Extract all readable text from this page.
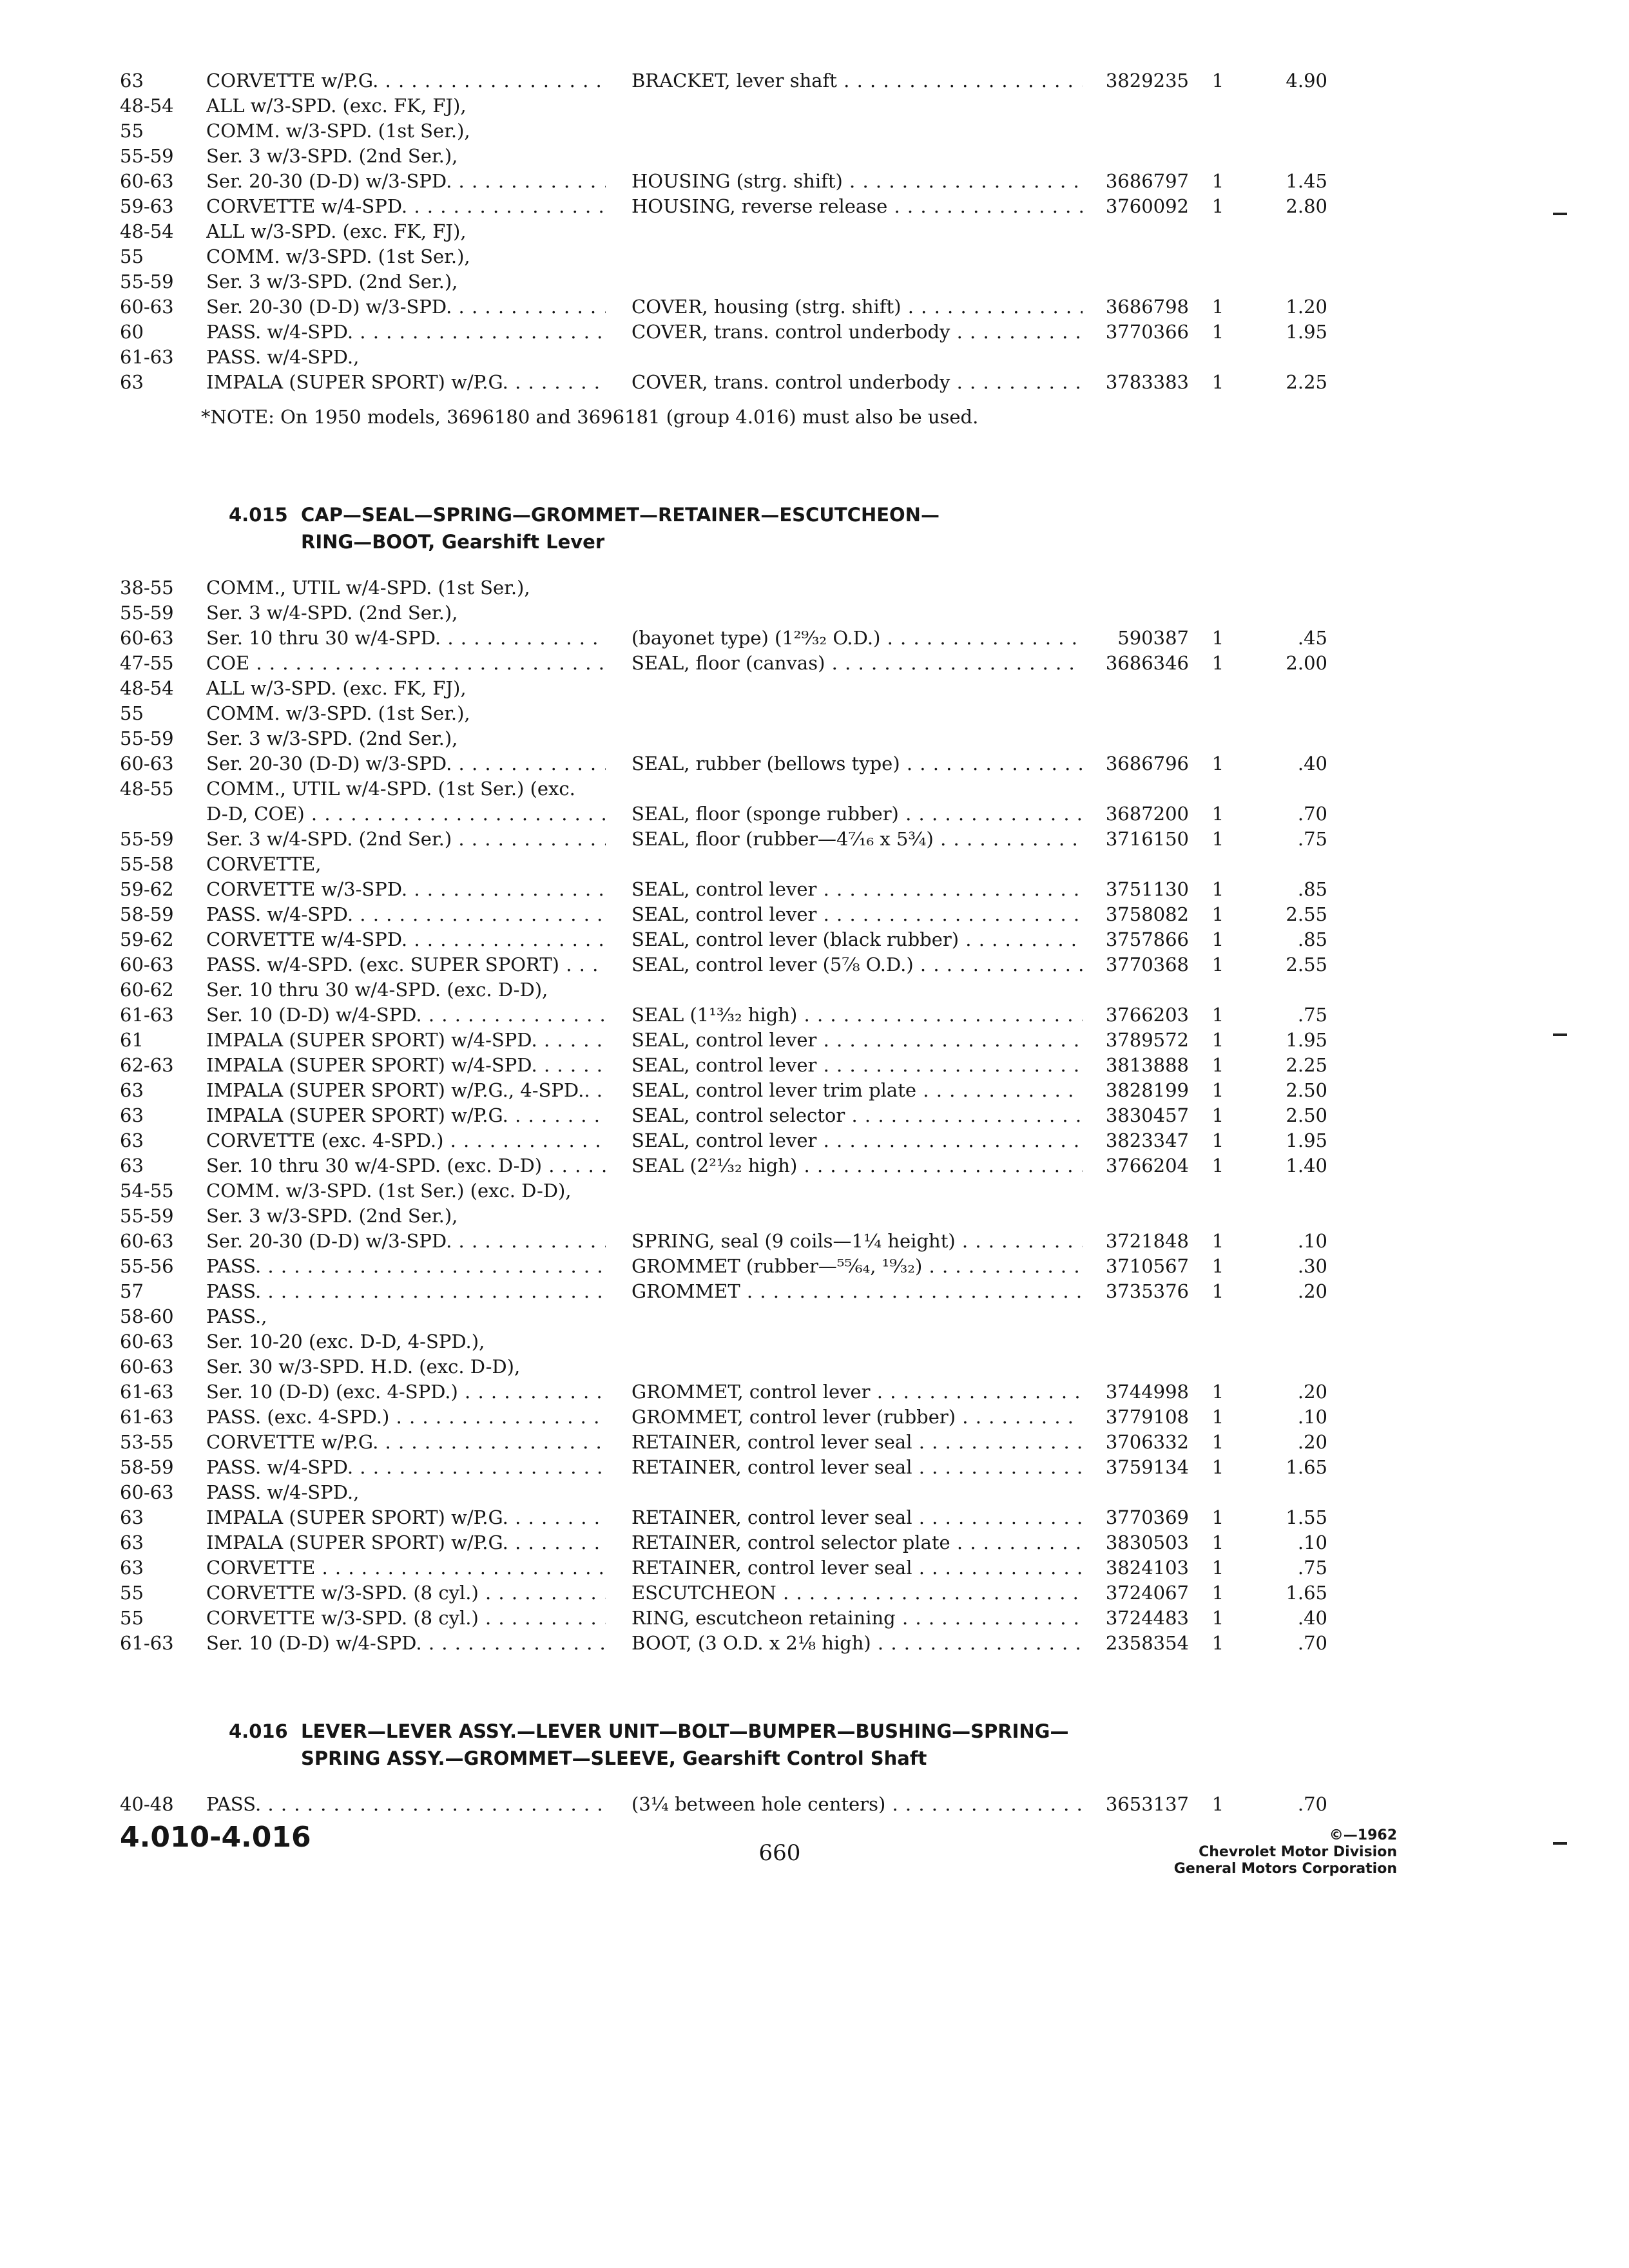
63	CORVETTE w/P.G. . . .	BRACKET, lever shaft . . .	3829235	1	4.90
48-54	ALL w/3-SPD. (exc. FK, FJ),
55	COMM. w/3-SPD. (1st Ser.),
55-59	Ser. 3 w/3-SPD. (2nd Ser.),
60-63	Ser. 20-30 (D-D) w/3-SPD. . . .	HOUSING (strg. shift) . . .	3686797	1	1.45
59-63	CORVETTE w/4-SPD. . . .	HOUSING, reverse release . . .	3760092	1	2.80
48-54	ALL w/3-SPD. (exc. FK, FJ),
55	COMM. w/3-SPD. (1st Ser.),
55-59	Ser. 3 w/3-SPD. (2nd Ser.),
60-63	Ser. 20-30 (D-D) w/3-SPD. . . .	COVER, housing (strg. shift) . . .	3686798	1	1.20
60	PASS. w/4-SPD. . . .	COVER, trans. control underbody . . .	3770366	1	1.95
61-63	PASS. w/4-SPD.,
63	IMPALA (SUPER SPORT) w/P.G. . . .	COVER, trans. control underbody . . .	3783383	1	2.25
*NOTE: On 1950 models, 3696180 and 3696181 (group 4.016) must also be used.
4.015 CAP—SEAL—SPRING—GROMMET—RETAINER—ESCUTCHEON—
RING—BOOT, Gearshift Lever
38-55	COMM., UTIL w/4-SPD. (1st Ser.),
55-59	Ser. 3 w/4-SPD. (2nd Ser.),
60-63	Ser. 10 thru 30 w/4-SPD. . . .	(bayonet type) (1²⁹⁄₃₂ O.D.) . . .	590387	1	.45
47-55	COE . . .	SEAL, floor (canvas) . . .	3686346	1	2.00
48-54	ALL w/3-SPD. (exc. FK, FJ),
55	COMM. w/3-SPD. (1st Ser.),
55-59	Ser. 3 w/3-SPD. (2nd Ser.),
60-63	Ser. 20-30 (D-D) w/3-SPD. . . .	SEAL, rubber (bellows type) . . .	3686796	1	.40
48-55	COMM., UTIL w/4-SPD. (1st Ser.) (exc.
D-D, COE) . . .	SEAL, floor (sponge rubber) . . .	3687200	1	.70
55-59	Ser. 3 w/4-SPD. (2nd Ser.) . . .	SEAL, floor (rubber—4⁷⁄₁₆ x 5¾) . . .	3716150	1	.75
55-58	CORVETTE,
59-62	CORVETTE w/3-SPD. . . .	SEAL, control lever . . .	3751130	1	.85
58-59	PASS. w/4-SPD. . . .	SEAL, control lever . . .	3758082	1	2.55
59-62	CORVETTE w/4-SPD. . . .	SEAL, control lever (black rubber) . . .	3757866	1	.85
60-63	PASS. w/4-SPD. (exc. SUPER SPORT) . . .	SEAL, control lever (5⅞ O.D.) . . .	3770368	1	2.55
60-62	Ser. 10 thru 30 w/4-SPD. (exc. D-D),
61-63	Ser. 10 (D-D) w/4-SPD. . . .	SEAL (1¹³⁄₃₂ high) . . .	3766203	1	.75
61	IMPALA (SUPER SPORT) w/4-SPD. . . .	SEAL, control lever . . .	3789572	1	1.95
62-63	IMPALA (SUPER SPORT) w/4-SPD. . . .	SEAL, control lever . . .	3813888	1	2.25
63	IMPALA (SUPER SPORT) w/P.G., 4-SPD.. . . .	SEAL, control lever trim plate . . .	3828199	1	2.50
63	IMPALA (SUPER SPORT) w/P.G. . . .	SEAL, control selector . . .	3830457	1	2.50
63	CORVETTE (exc. 4-SPD.) . . .	SEAL, control lever . . .	3823347	1	1.95
63	Ser. 10 thru 30 w/4-SPD. (exc. D-D) . . .	SEAL (2²¹⁄₃₂ high) . . .	3766204	1	1.40
54-55	COMM. w/3-SPD. (1st Ser.) (exc. D-D),
55-59	Ser. 3 w/3-SPD. (2nd Ser.),
60-63	Ser. 20-30 (D-D) w/3-SPD. . . .	SPRING, seal (9 coils—1¼ height) . . .	3721848	1	.10
55-56	PASS. . . .	GROMMET (rubber—⁵⁵⁄₆₄, ¹⁹⁄₃₂) . . .	3710567	1	.30
57	PASS. . . .	GROMMET . . .	3735376	1	.20
58-60	PASS.,
60-63	Ser. 10-20 (exc. D-D, 4-SPD.),
60-63	Ser. 30 w/3-SPD. H.D. (exc. D-D),
61-63	Ser. 10 (D-D) (exc. 4-SPD.) . . .	GROMMET, control lever . . .	3744998	1	.20
61-63	PASS. (exc. 4-SPD.) . . .	GROMMET, control lever (rubber) . . .	3779108	1	.10
53-55	CORVETTE w/P.G. . . .	RETAINER, control lever seal . . .	3706332	1	.20
58-59	PASS. w/4-SPD. . . .	RETAINER, control lever seal . . .	3759134	1	1.65
60-63	PASS. w/4-SPD.,
63	IMPALA (SUPER SPORT) w/P.G. . . .	RETAINER, control lever seal . . .	3770369	1	1.55
63	IMPALA (SUPER SPORT) w/P.G. . . .	RETAINER, control selector plate . . .	3830503	1	.10
63	CORVETTE . . .	RETAINER, control lever seal . . .	3824103	1	.75
55	CORVETTE w/3-SPD. (8 cyl.) . . .	ESCUTCHEON . . .	3724067	1	1.65
55	CORVETTE w/3-SPD. (8 cyl.) . . .	RING, escutcheon retaining . . .	3724483	1	.40
61-63	Ser. 10 (D-D) w/4-SPD. . . .	BOOT, (3 O.D. x 2⅛ high) . . .	2358354	1	.70
4.016 LEVER—LEVER ASSY.—LEVER UNIT—BOLT—BUMPER—BUSHING—SPRING—
SPRING ASSY.—GROMMET—SLEEVE, Gearshift Control Shaft
40-48	PASS. . . .	(3¼ between hole centers) . . .	3653137	1	.70
4.010-4.016	660
©—1962
Chevrolet Motor Division
General Motors Corporation
